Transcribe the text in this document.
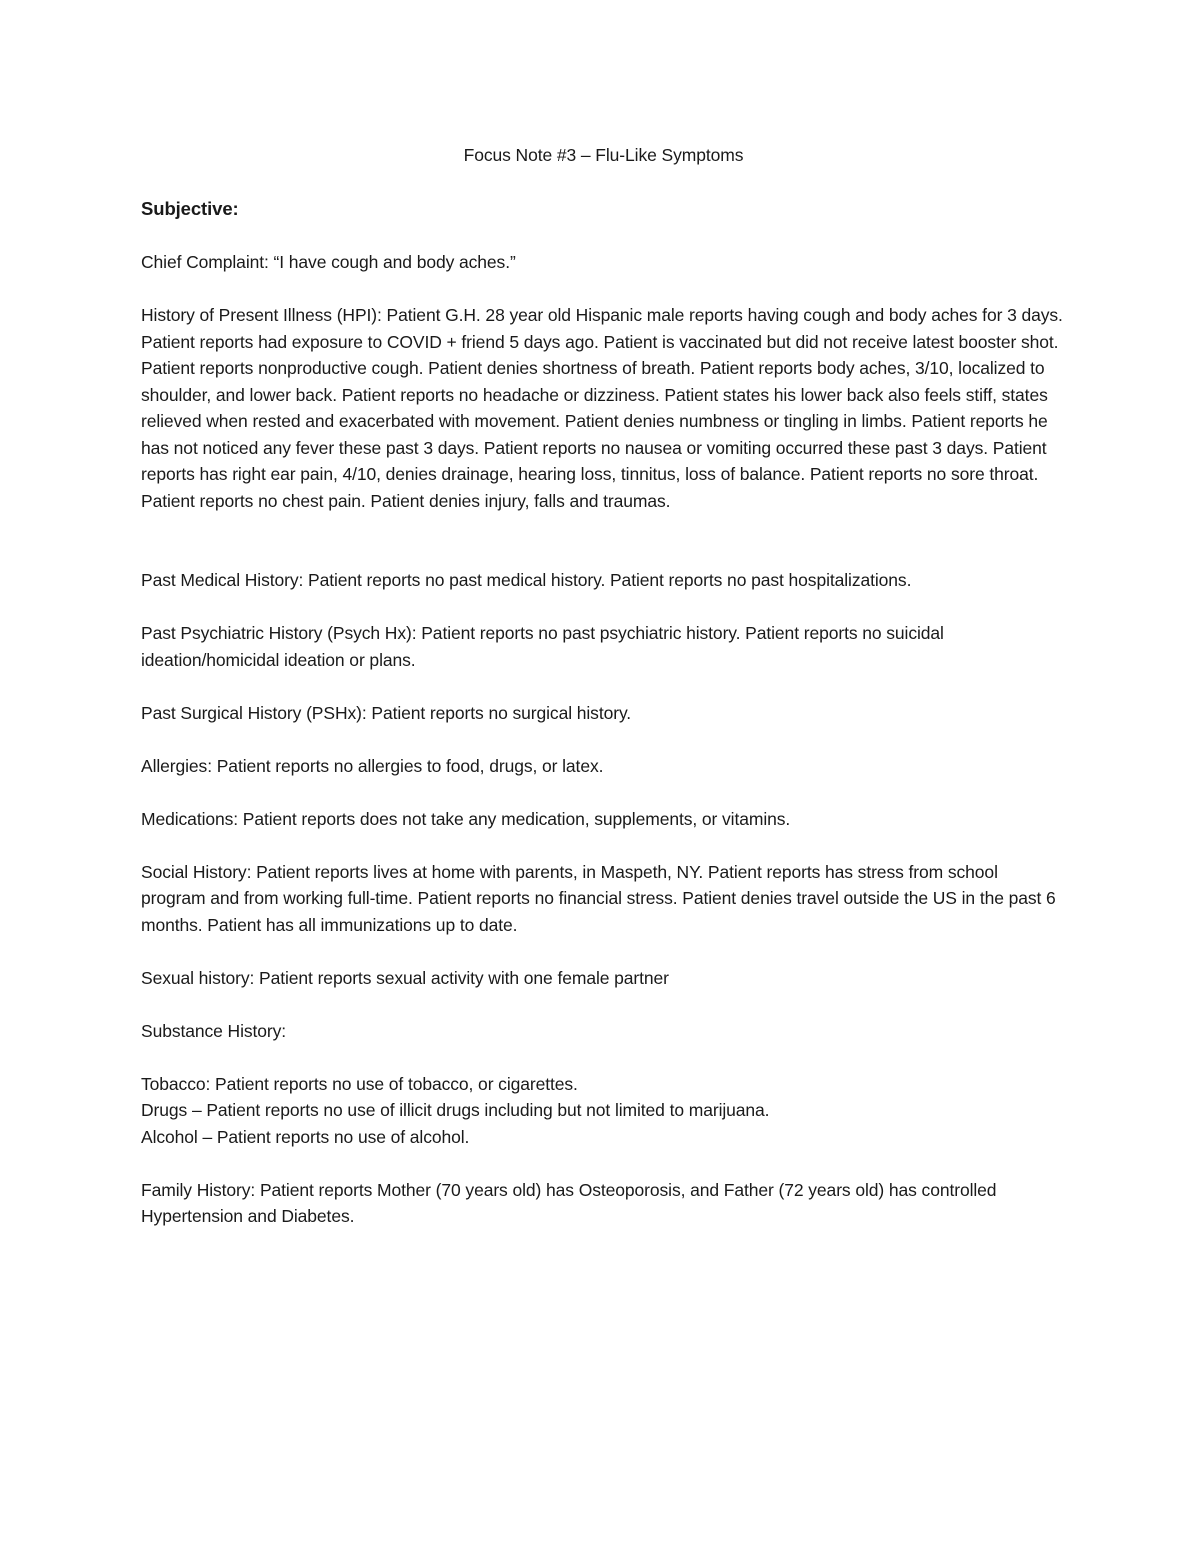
Focus Note #3 – Flu-Like Symptoms
Subjective:

Chief Complaint: “I have cough and body aches.”

History of Present Illness (HPI): Patient G.H. 28 year old Hispanic male reports having cough and body aches for 3 days. Patient reports had exposure to COVID + friend 5 days ago. Patient is vaccinated but did not receive latest booster shot. Patient reports nonproductive cough. Patient denies shortness of breath. Patient reports body aches, 3/10, localized to shoulder, and lower back. Patient reports no headache or dizziness. Patient states his lower back also feels stiff, states relieved when rested and exacerbated with movement. Patient denies numbness or tingling in limbs. Patient reports he has not noticed any fever these past 3 days. Patient reports no nausea or vomiting occurred these past 3 days. Patient reports has right ear pain, 4/10, denies drainage, hearing loss, tinnitus, loss of balance. Patient reports no sore throat. Patient reports no chest pain. Patient denies injury, falls and traumas.

Past Medical History: Patient reports no past medical history. Patient reports no past hospitalizations.

Past Psychiatric History (Psych Hx): Patient reports no past psychiatric history. Patient reports no suicidal ideation/homicidal ideation or plans.

Past Surgical History (PSHx): Patient reports no surgical history.

Allergies: Patient reports no allergies to food, drugs, or latex.

Medications: Patient reports does not take any medication, supplements, or vitamins.

Social History: Patient reports lives at home with parents, in Maspeth, NY. Patient reports has stress from school program and from working full-time. Patient reports no financial stress. Patient denies travel outside the US in the past 6 months. Patient has all immunizations up to date.

Sexual history: Patient reports sexual activity with one female partner

Substance History:

Tobacco: Patient reports no use of tobacco, or cigarettes.

Drugs – Patient reports no use of illicit drugs including but not limited to marijuana.

Alcohol – Patient reports no use of alcohol.

Family History: Patient reports Mother (70 years old) has Osteoporosis, and Father (72 years old) has controlled Hypertension and Diabetes.
